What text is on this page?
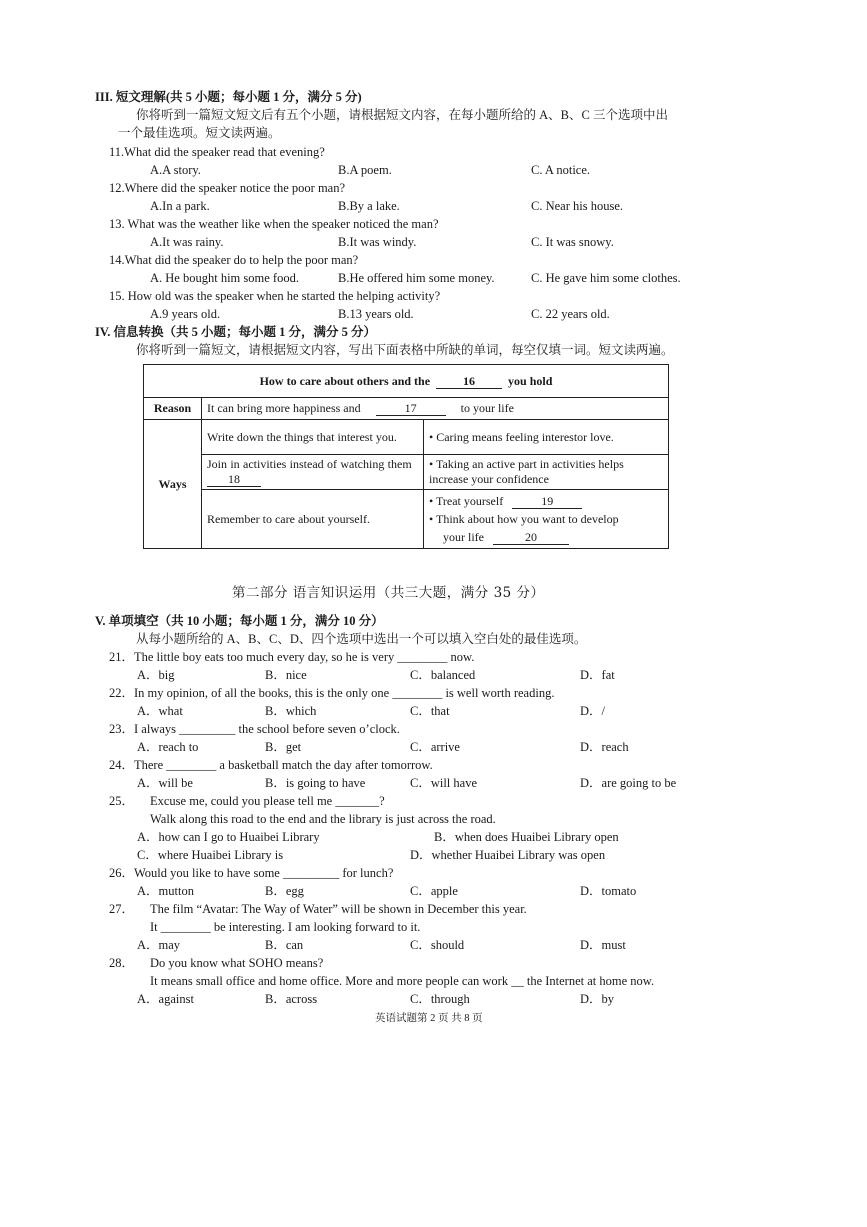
III. 短文理解(共 5 小题；每小题 1 分，满分 5 分)
你将听到一篇短文短文后有五个小题，请根据短文内容，在每小题所给的 A、B、C 三个选项中出
一个最佳选项。短文读两遍。
11.What did the speaker read that evening?
A.A story.	B.A poem.	C. A notice.
12.Where did the speaker notice the poor man?
A.In a park.	B.By a lake.	C. Near his house.
13. What was the weather like when the speaker noticed the man?
A.It was rainy.	B.It was windy.	C. It was snowy.
14.What did the speaker do to help the poor man?
A. He bought him some food.	B.He offered him some money.	C. He gave him some clothes.
15. How old was the speaker when he started the helping activity?
A.9 years old.	B.13 years old.	C. 22 years old.
IV. 信息转换（共 5 小题；每小题 1 分，满分 5 分）
你将听到一篇短文，请根据短文内容，写出下面表格中所缺的单词，每空仅填一词。短文读两遍。
How to care about others and the 16 you hold		
Reason	It can bring more happiness and 17 to your life	
Ways	Write down the things that interest you.	• Caring means feeling interestor love.
	Join in activities instead of watching them   18	• Taking an active part in activities helps increase your confidence
	Remember to care about yourself.	• Treat yourself 19
• Think about how you want to develop
your life 20
第二部分 语言知识运用（共三大题，满分 35 分）
V. 单项填空（共 10 小题；每小题 1 分，满分 10 分）
从每小题所给的 A、B、C、D、四个选项中选出一个可以填入空白处的最佳选项。
21．The little boy eats too much every day, so he is very ________ now.
A．big	B．nice	C．balanced	D．fat
22．In my opinion, of all the books, this is the only one ________ is well worth reading.
A．what	B．which	C．that	D．/
23．I always _________ the school before seven o’clock.
A．reach to	B．get	C．arrive	D．reach
24．There ________ a basketball match the day after tomorrow.
A．will be	B．is going to have	C．will have	D．are going to be
25． Excuse me, could you please tell me _______?
Walk along this road to the end and the library is just across the road.
A．how can I go to Huaibei Library	B．when does Huaibei Library open
C．where Huaibei Library is	D．whether Huaibei Library was open
26．Would you like to have some _________ for lunch?
A．mutton	B．egg	C．apple	D．tomato
27． The film “Avatar: The Way of Water” will be shown in December this year.
It ________ be interesting. I am looking forward to it.
A．may	B．can	C．should	D．must
28． Do you know what SOHO means?
It means small office and home office. More and more people can work __ the Internet at home now.
A．against	B．across	C．through	D．by
英语试题第 2 页 共 8 页
